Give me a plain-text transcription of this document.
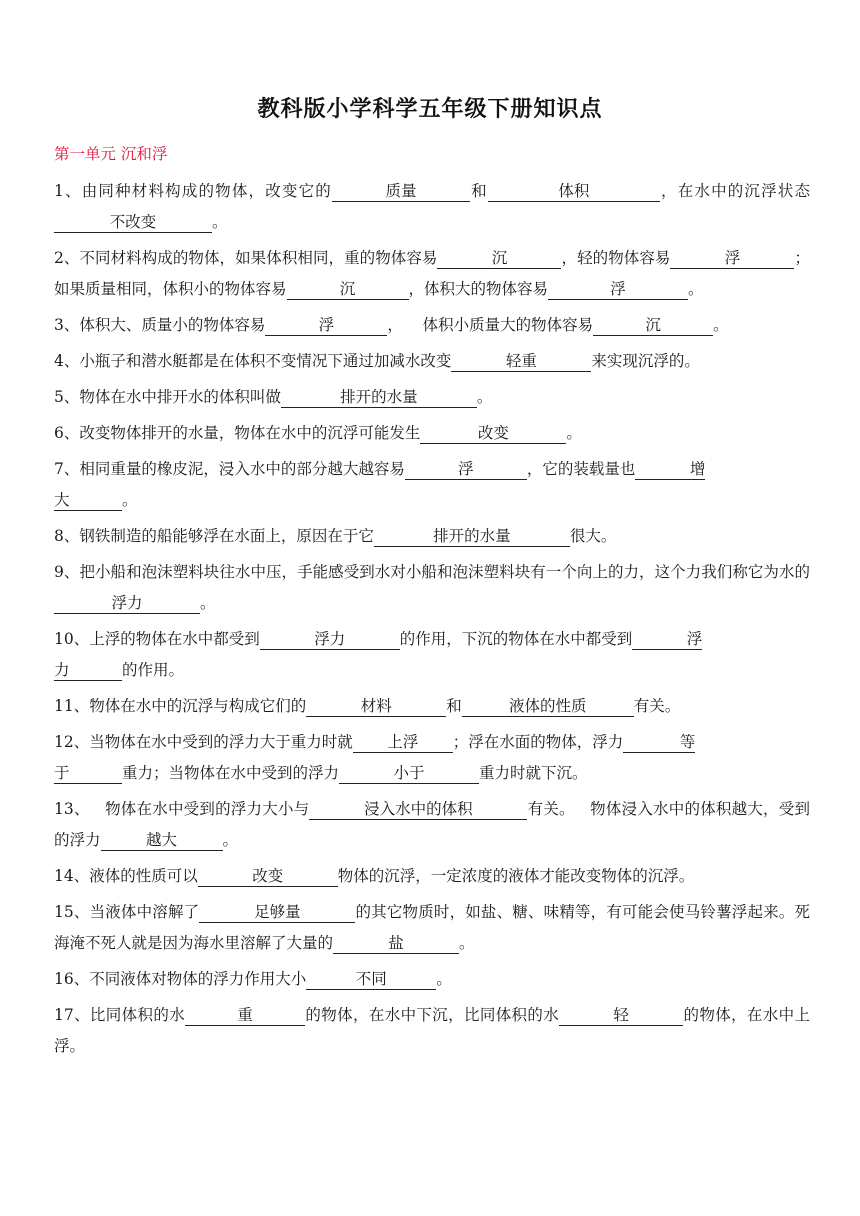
教科版小学科学五年级下册知识点
第一单元 沉和浮
1、由同种材料构成的物体，改变它的	质量	和	体积	，在水中的沉浮状态不改变	。
2、不同材料构成的物体，如果体积相同，重的物体容易	沉	，轻的物体容易	浮	；如果质量相同，体积小的物体容易	沉	，体积大的物体容易	浮	。
3、体积大、质量小的物体容易	浮	，    体积小质量大的物体容易	沉	。
4、小瓶子和潜水艇都是在体积不变情况下通过加减水改变	轻重	来实现沉浮的。
5、物体在水中排开水的体积叫做	排开的水量	。
6、改变物体排开的水量，物体在水中的沉浮可能发生	改变	。
7、相同重量的橡皮泥，浸入水中的部分越大越容易	浮	，它的装载量也	增
大	。
8、钢铁制造的船能够浮在水面上，原因在于它	排开的水量	很大。
9、把小船和泡沫塑料块往水中压，手能感受到水对小船和泡沫塑料块有一个向上的力，这个力我们称它为水的浮力	。
10、上浮的物体在水中都受到	浮力	的作用，下沉的物体在水中都受到	浮
力	的作用。
11、物体在水中的沉浮与构成它们的	材料	和	液体的性质	有关。
12、当物体在水中受到的浮力大于重力时就 上浮 ；浮在水面的物体，浮力	等
于	重力；当物体在水中受到的浮力	小于	重力时就下沉。
13、   物体在水中受到的浮力大小与	浸入水中的体积	有关。   物体浸入水中的体积越大，受到的浮力	越大	。
14、液体的性质可以	改变	物体的沉浮，一定浓度的液体才能改变物体的沉浮。
15、当液体中溶解了	足够量	的其它物质时，如盐、糖、味精等，有可能会使马铃薯浮起来。死海淹不死人就是因为海水里溶解了大量的	盐	。
16、不同液体对物体的浮力作用大小	不同	。
17、比同体积的水	重	的物体，在水中下沉，比同体积的水	轻	的物体，在水中上浮。
